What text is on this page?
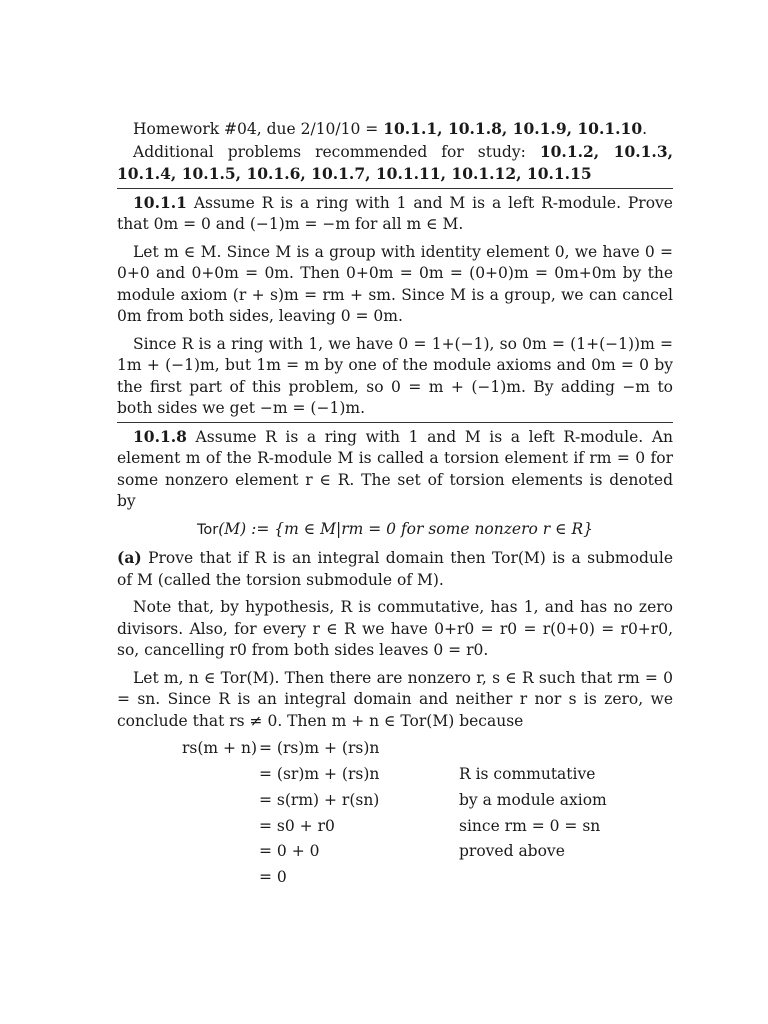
Homework #04, due 2/10/10 = 10.1.1, 10.1.8, 10.1.9, 10.1.10.

Additional problems recommended for study: 10.1.2, 10.1.3, 10.1.4, 10.1.5, 10.1.6, 10.1.7, 10.1.11, 10.1.12, 10.1.15

10.1.1 Assume R is a ring with 1 and M is a left R-module. Prove that 0m = 0 and (−1)m = −m for all m ∈ M.

Let m ∈ M. Since M is a group with identity element 0, we have 0 = 0+0 and 0+0m = 0m. Then 0+0m = 0m = (0+0)m = 0m+0m by the module axiom (r + s)m = rm + sm. Since M is a group, we can cancel 0m from both sides, leaving 0 = 0m.

Since R is a ring with 1, we have 0 = 1+(−1), so 0m = (1+(−1))m = 1m + (−1)m, but 1m = m by one of the module axioms and 0m = 0 by the first part of this problem, so 0 = m + (−1)m. By adding −m to both sides we get −m = (−1)m.

10.1.8 Assume R is a ring with 1 and M is a left R-module. An element m of the R-module M is called a torsion element if rm = 0 for some nonzero element r ∈ R. The set of torsion elements is denoted by

Tor(M) := {m ∈ M|rm = 0 for some nonzero r ∈ R}

(a) Prove that if R is an integral domain then Tor(M) is a submodule of M (called the torsion submodule of M).

Note that, by hypothesis, R is commutative, has 1, and has no zero divisors. Also, for every r ∈ R we have 0+r0 = r0 = r(0+0) = r0+r0, so, cancelling r0 from both sides leaves 0 = r0.

Let m, n ∈ Tor(M). Then there are nonzero r, s ∈ R such that rm = 0 = sn. Since R is an integral domain and neither r nor s is zero, we conclude that rs ≠ 0. Then m + n ∈ Tor(M) because

rs(m + n) = (rs)m + (rs)n
= (sr)m + (rs)n	R is commutative
= s(rm) + r(sn)	by a module axiom
= s0 + r0	since rm = 0 = sn
= 0 + 0	proved above
= 0
